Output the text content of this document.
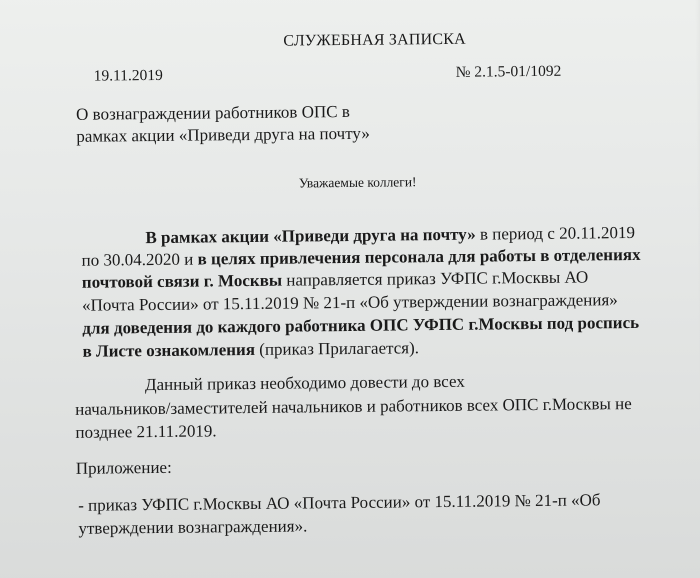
СЛУЖЕБНАЯ ЗАПИСКА
19.11.2019	№ 2.1.5-01/1092
О вознаграждении работников ОПС в
рамках акции «Приведи друга на почту»
Уважаемые коллеги!
В рамках акции «Приведи друга на почту» в период с 20.11.2019
по 30.04.2020 и в целях привлечения персонала для работы в отделениях
почтовой связи г. Москвы направляется приказ УФПС г.Москвы АО
«Почта России» от 15.11.2019 № 21-п «Об утверждении вознаграждения»
для доведения до каждого работника ОПС УФПС г.Москвы под роспись
в Листе ознакомления (приказ Прилагается).
Данный приказ необходимо довести до всех
начальников/заместителей начальников и работников всех ОПС г.Москвы не
позднее 21.11.2019.
Приложение:
- приказ УФПС г.Москвы АО «Почта России» от 15.11.2019 № 21-п «Об
утверждении вознаграждения».
